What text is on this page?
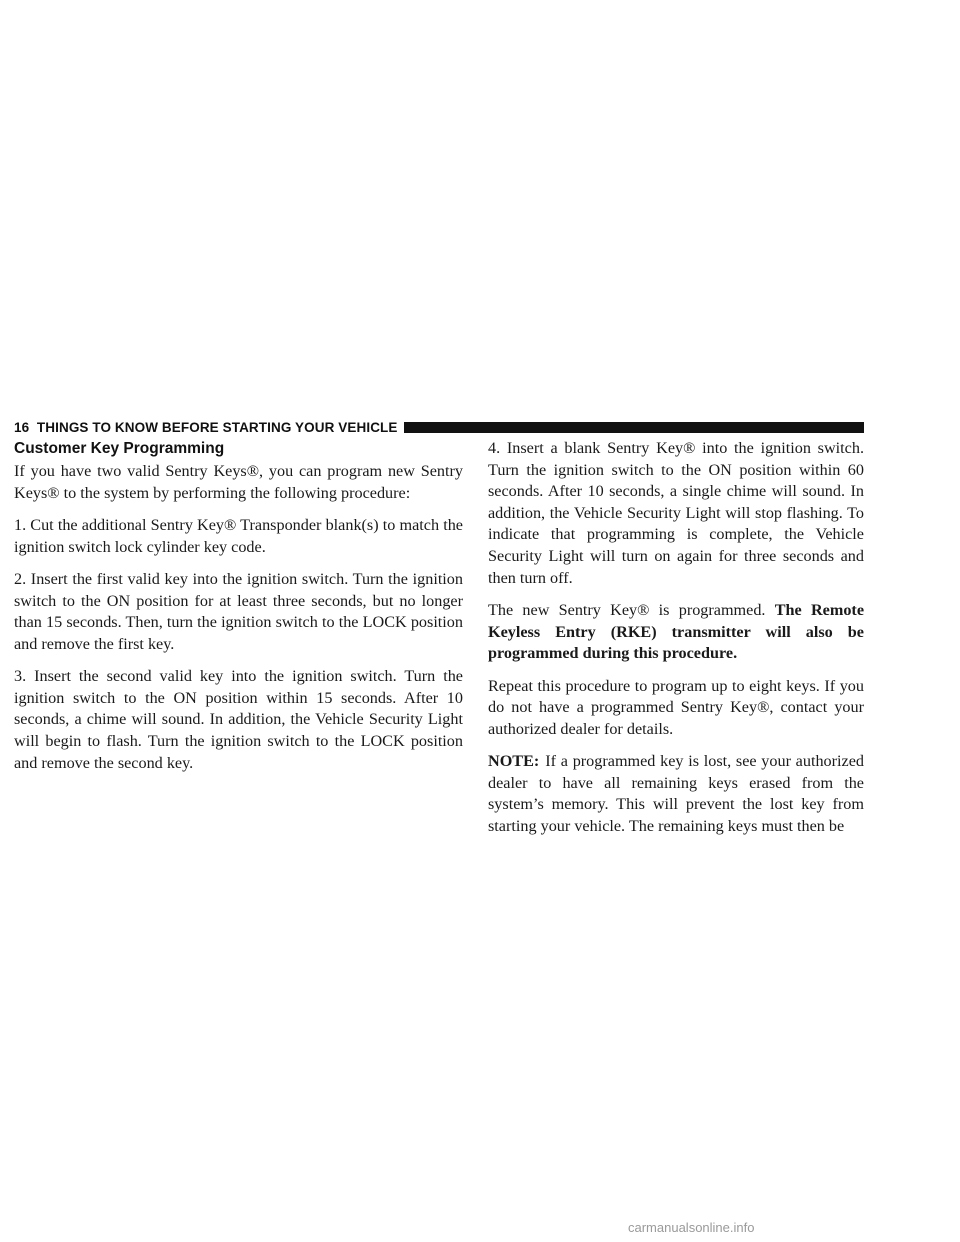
16 THINGS TO KNOW BEFORE STARTING YOUR VEHICLE
Customer Key Programming

If you have two valid Sentry Keys®, you can program new Sentry Keys® to the system by performing the following procedure:

1. Cut the additional Sentry Key® Transponder blank(s) to match the ignition switch lock cylinder key code.

2. Insert the first valid key into the ignition switch. Turn the ignition switch to the ON position for at least three seconds, but no longer than 15 seconds. Then, turn the ignition switch to the LOCK position and remove the first key.

3. Insert the second valid key into the ignition switch. Turn the ignition switch to the ON position within 15 seconds. After 10 seconds, a chime will sound. In addition, the Vehicle Security Light will begin to flash. Turn the ignition switch to the LOCK position and remove the second key.

4. Insert a blank Sentry Key® into the ignition switch. Turn the ignition switch to the ON position within 60 seconds. After 10 seconds, a single chime will sound. In addition, the Vehicle Security Light will stop flashing. To indicate that programming is complete, the Vehicle Security Light will turn on again for three seconds and then turn off.

The new Sentry Key® is programmed. The Remote Keyless Entry (RKE) transmitter will also be programmed during this procedure.

Repeat this procedure to program up to eight keys. If you do not have a programmed Sentry Key®, contact your authorized dealer for details.

NOTE: If a programmed key is lost, see your authorized dealer to have all remaining keys erased from the system’s memory. This will prevent the lost key from starting your vehicle. The remaining keys must then be

carmanualsonline.info
